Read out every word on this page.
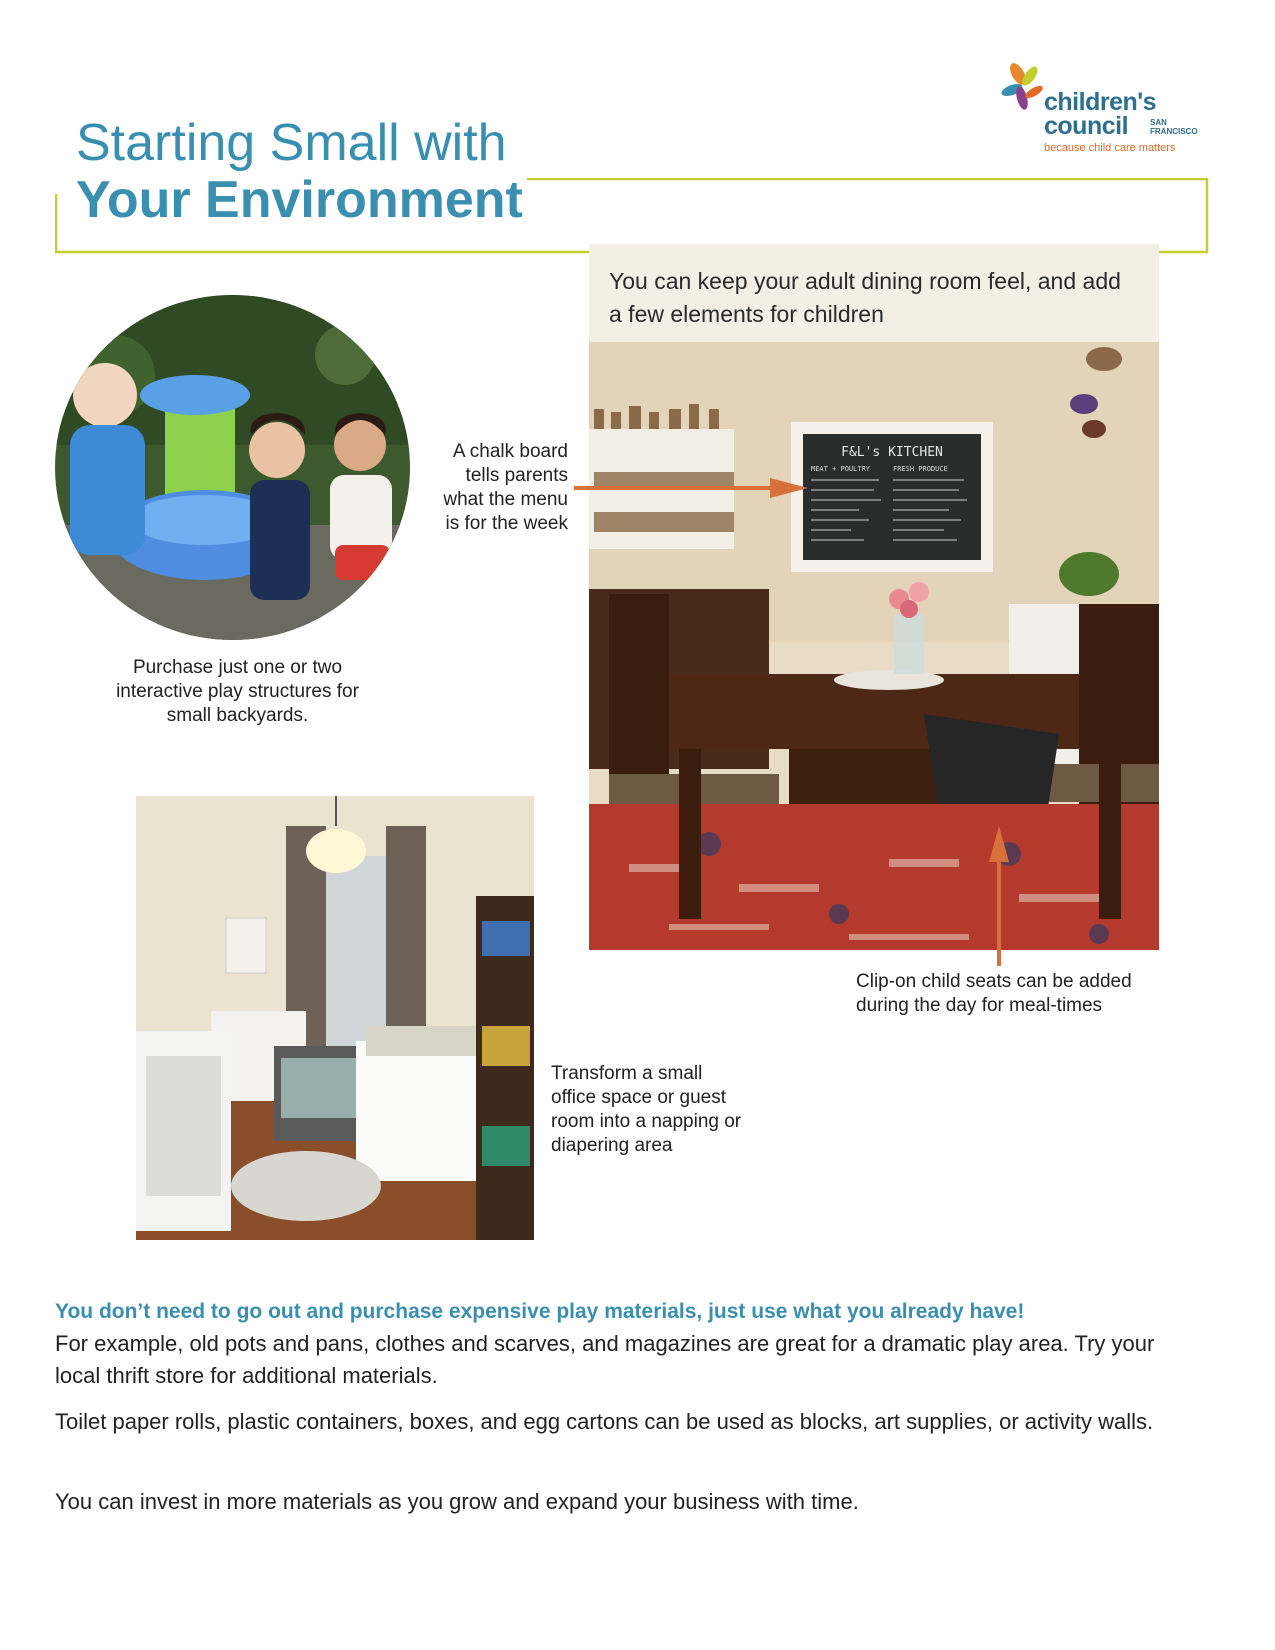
children's
council	SAN FRANCISCO
because child care matters
Starting Small with
Your Environment
Purchase just one or two interactive play structures for small backyards.
F&L's KITCHEN
MEAT + POULTRY	FRESH PRODUCE
You can keep your adult dining room feel, and add a few elements for children
A chalk board tells parents what the menu is for the week
Clip-on child seats can be added during the day for meal-times
Transform a small office space or guest room into a napping or diapering area
You don’t need to go out and purchase expensive play materials, just use what you already have!
For example, old pots and pans, clothes and scarves, and magazines are great for a dramatic play area. Try your local thrift store for additional materials.
Toilet paper rolls, plastic containers, boxes, and egg cartons can be used as blocks, art supplies, or activity walls.
You can invest in more materials as you grow and expand your business with time.
